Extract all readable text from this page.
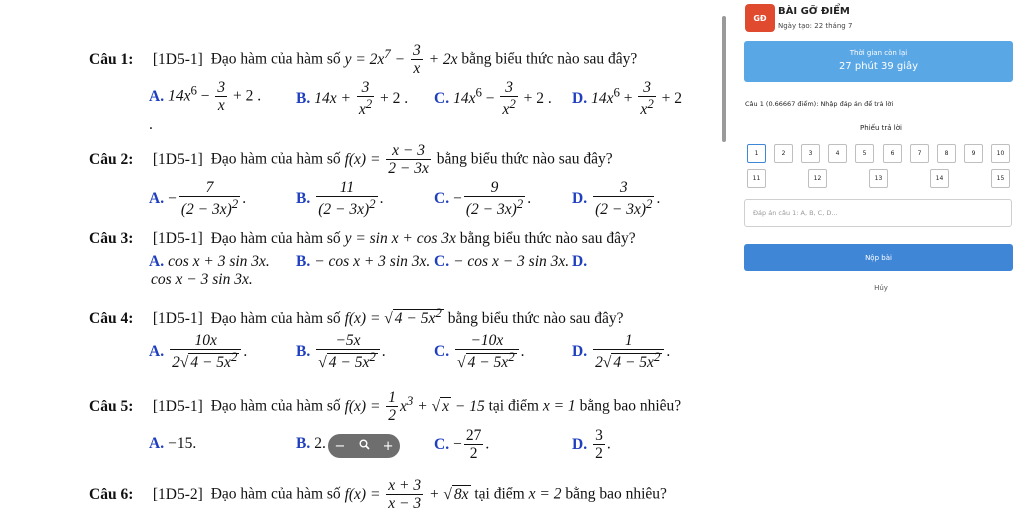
Câu 1: [1D5-1] Đạo hàm của hàm số $y = 2x^7 - \frac{3}{x} + 2x$ bằng biểu thức nào sau đây?
A. $14x^6 - \frac{3}{x} + 2$ . B. $14x + \frac{3}{x^2} + 2$ . C. $14x^6 - \frac{3}{x^2} + 2$ . D. $14x^6 + \frac{3}{x^2} + 2$
.
Câu 2: [1D5-1] Đạo hàm của hàm số $f(x) = \frac{x - 3}{2 - 3x}$ bằng biểu thức nào sau đây?
A. − $\frac{7}{(2 - 3x)^2}$ .	B. $\frac{11}{(2 - 3x)^2}$ .	C. − $\frac{9}{(2 - 3x)^2}$ .	D. $\frac{3}{(2 - 3x)^2}$ .
Câu 3: [1D5-1] Đạo hàm của hàm số y = sin x + cos 3x bằng biểu thức nào sau đây?
A. cos x + 3 sin 3x. B. − cos x + 3 sin 3x. C. − cos x − 3 sin 3x. D.
cos x − 3 sin 3x.
Câu 4: [1D5-1] Đạo hàm của hàm số f(x) = √ $4 - 5x^2$ bằng biểu thức nào sau đây?
A. $\frac{10x}{2√ 4 - 5x^2}$ .	B. $\frac{-5x}{√ 4 - 5x^2}$ .	C. $\frac{-10x}{√ 4 - 5x^2}$ .	D. $\frac{1}{2√ 4 - 5x^2}$ .
Câu 5: [1D5-1] Đạo hàm của hàm số $f(x) = \frac{1}{2} x^3$ + √ x − 15 tại điểm x = 1 bằng bao nhiêu?
A. −15.	B. 2.	C. − $\frac{27}{2}$ .	D. $\frac{3}{2}$ .
Câu 6: [1D5-2] Đạo hàm của hàm số $f(x) = \frac{x + 3}{x - 3}$ + √ 8x tại điểm x = 2 bằng bao nhiêu?
−	+
GĐ
BÀI GỠ ĐIỂM
Ngày tạo: 22 tháng 7
Thời gian còn lại
27 phút 39 giây
Câu 1 (0.66667 điểm): Nhập đáp án để trả lời
Phiếu trả lời
1	2	3	4	5	6	7	8	9	10
11	12	13	14	15
Đáp án câu 1: A, B, C, D...
Nộp bài
Hủy
